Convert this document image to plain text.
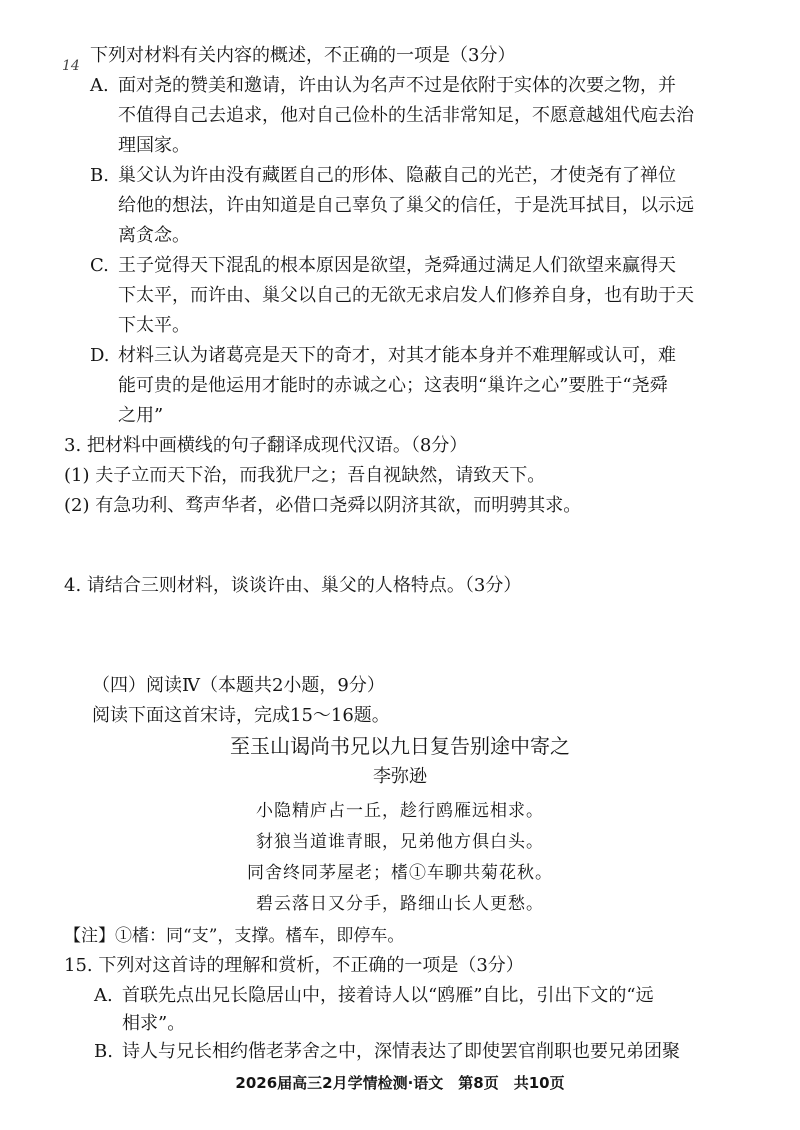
14 下列对材料有关内容的概述，不正确的一项是（3分）
A. 面对尧的赞美和邀请，许由认为名声不过是依附于实体的次要之物，并
不值得自己去追求，他对自己俭朴的生活非常知足，不愿意越俎代庖去治
理国家。
B. 巢父认为许由没有藏匿自己的形体、隐蔽自己的光芒，才使尧有了禅位
给他的想法，许由知道是自己辜负了巢父的信任，于是洗耳拭目，以示远
离贪念。
C. 王子觉得天下混乱的根本原因是欲望，尧舜通过满足人们欲望来赢得天
下太平，而许由、巢父以自己的无欲无求启发人们修养自身，也有助于天
下太平。
D. 材料三认为诸葛亮是天下的奇才，对其才能本身并不难理解或认可，难
能可贵的是他运用才能时的赤诚之心；这表明“巢许之心”要胜于“尧舜
之用”
3. 把材料中画横线的句子翻译成现代汉语。（8分）
(1) 夫子立而天下治，而我犹尸之；吾自视缺然，请致天下。
(2) 有急功利、骛声华者，必借口尧舜以阴济其欲，而明骋其求。
4. 请结合三则材料，谈谈许由、巢父的人格特点。（3分）
（四）阅读Ⅳ（本题共2小题，9分）
阅读下面这首宋诗，完成15～16题。
至玉山谒尚书兄以九日复告别途中寄之
李弥逊
小隐精庐占一丘，趁行鸥雁远相求。
豺狼当道谁青眼，兄弟他方俱白头。
同舍终同茅屋老；榰①车聊共菊花秋。
碧云落日又分手，路细山长人更愁。
【注】①榰：同“支”，支撑。榰车，即停车。
15. 下列对这首诗的理解和赏析，不正确的一项是（3分）
A. 首联先点出兄长隐居山中，接着诗人以“鸥雁”自比，引出下文的“远
相求”。
B. 诗人与兄长相约偕老茅舍之中，深情表达了即使罢官削职也要兄弟团聚
2026届高三2月学情检测·语文　第8页　共10页
